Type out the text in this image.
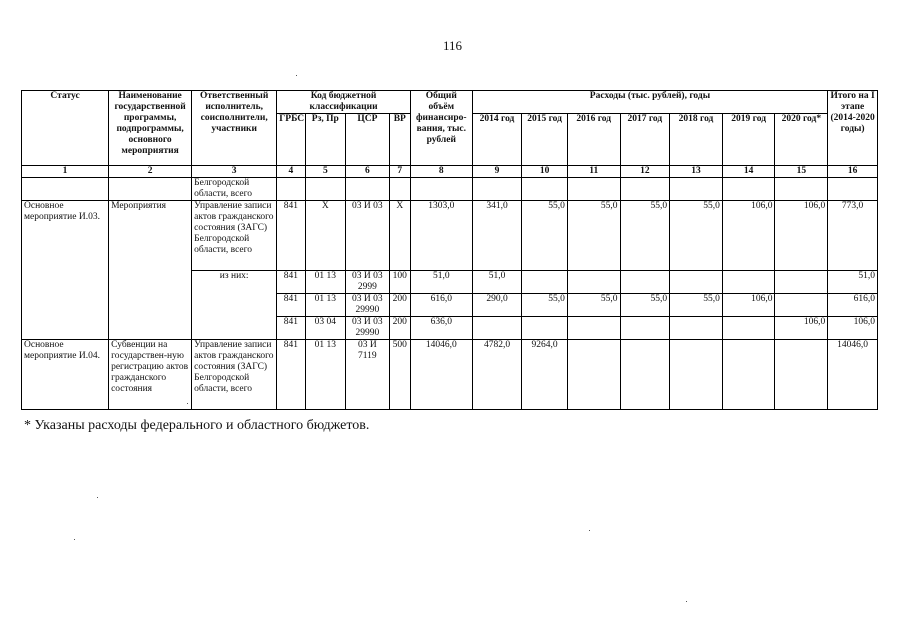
116
Статус	Наименование государственной программы, подпрограммы, основного мероприятия	Ответственный исполнитель, соисполнители, участники	Код бюджетной классификации				Общий объём финансиро-вания, тыс. рублей	Расходы (тыс. рублей), годы							Итого на I этапе (2014-2020 годы)
			ГРБС	Рз, Пр	ЦСР	ВР		2014 год	2015 год	2016 год	2017 год	2018 год	2019 год	2020 год*	
1	2	3	4	5	6	7	8	9	10	11	12	13	14	15	16
		Белгородской области, всего													
Основное мероприятие И.03.	Мероприятия	Управление записи актов гражданского состояния (ЗАГС) Белгородской области, всего	841	Х	03 И 03	Х	1303,0	341,0	55,0	55,0	55,0	55,0	106,0	106,0	773,0
		из них:	841	01 13	03 И 03 2999	100	51,0	51,0							51,0
			841	01 13	03 И 03 29990	200	616,0	290,0	55,0	55,0	55,0	55,0	106,0		616,0
			841	03 04	03 И 03 29990	200	636,0							106,0	106,0
Основное мероприятие И.04.	Субвенции на государствен-ную регистрацию актов гражданского состояния	Управление записи актов гражданского состояния (ЗАГС) Белгородской области, всего	841	01 13	03 И 7119	500	14046,0	4782,0	9264,0						14046,0
* Указаны расходы федерального и областного бюджетов.
